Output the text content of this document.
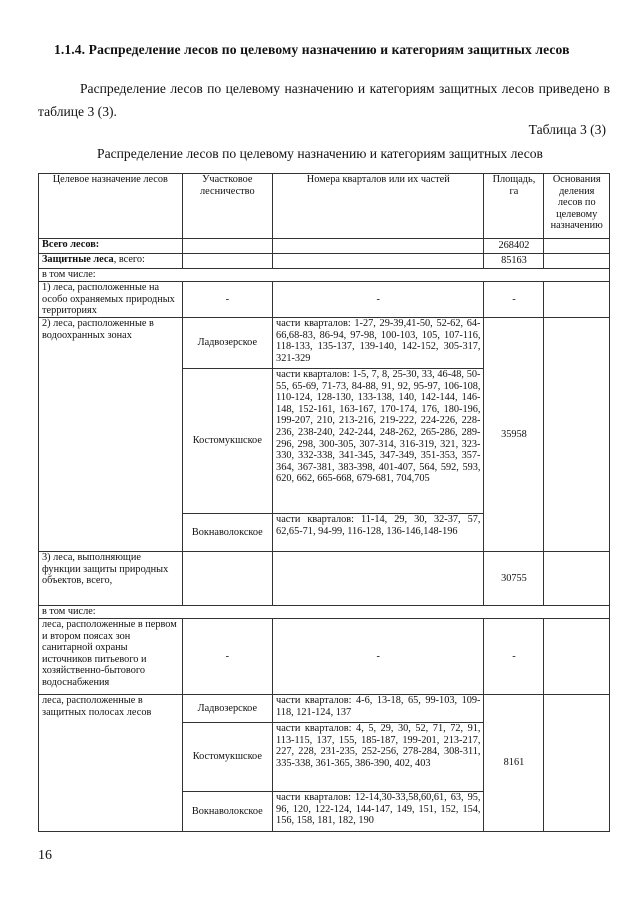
1.1.4. Распределение лесов по целевому назначению и категориям защитных лесов
Распределение лесов по целевому назначению и категориям защитных лесов приведено в таблице 3 (3).
Таблица 3 (3)
Распределение лесов по целевому назначению и категориям защитных лесов
Целевое назначение лесов	Участковое лесничество	Номера кварталов или их частей	Площадь, га	Основания деления лесов по целевому назначению
Всего лесов:			268402	
Защитные леса, всего:			85163	
в том числе:				
1) леса, расположенные на особо охраняемых природных территориях	-	-	-	
2) леса, расположенные в водоохранных зонах	Ладвозерское	части кварталов: 1-27, 29-39,41-50, 52-62, 64-66,68-83, 86-94, 97-98, 100-103, 105, 107-116, 118-133, 135-137, 139-140, 142-152, 305-317, 321-329	35958	
	Костомукшское	части кварталов: 1-5, 7, 8, 25-30, 33, 46-48, 50-55, 65-69, 71-73, 84-88, 91, 92, 95-97, 106-108, 110-124, 128-130, 133-138, 140, 142-144, 146-148, 152-161, 163-167, 170-174, 176, 180-196, 199-207, 210, 213-216, 219-222, 224-226, 228-236, 238-240, 242-244, 248-262, 265-286, 289-296, 298, 300-305, 307-314, 316-319, 321, 323-330, 332-338, 341-345, 347-349, 351-353, 357-364, 367-381, 383-398, 401-407, 564, 592, 593, 620, 662, 665-668, 679-681, 704,705		
	Вокнаволокское	части кварталов: 11-14, 29, 30, 32-37, 57, 62,65-71, 94-99, 116-128, 136-146,148-196		
3) леса, выполняющие функции защиты природных объектов, всего,			30755	
в том числе:				
леса, расположенные в первом и втором поясах зон санитарной охраны источников питьевого и хозяйственно-бытового водоснабжения	-	-	-	
леса, расположенные в защитных полосах лесов	Ладвозерское	части кварталов: 4-6, 13-18, 65, 99-103, 109-118, 121-124, 137	8161	
	Костомукшское	части кварталов: 4, 5, 29, 30, 52, 71, 72, 91, 113-115, 137, 155, 185-187, 199-201, 213-217, 227, 228, 231-235, 252-256, 278-284, 308-311, 335-338, 361-365, 386-390, 402, 403		
	Вокнаволокское	части кварталов: 12-14,30-33,58,60,61, 63, 95, 96, 120, 122-124, 144-147, 149, 151, 152, 154, 156, 158, 181, 182, 190		
16
